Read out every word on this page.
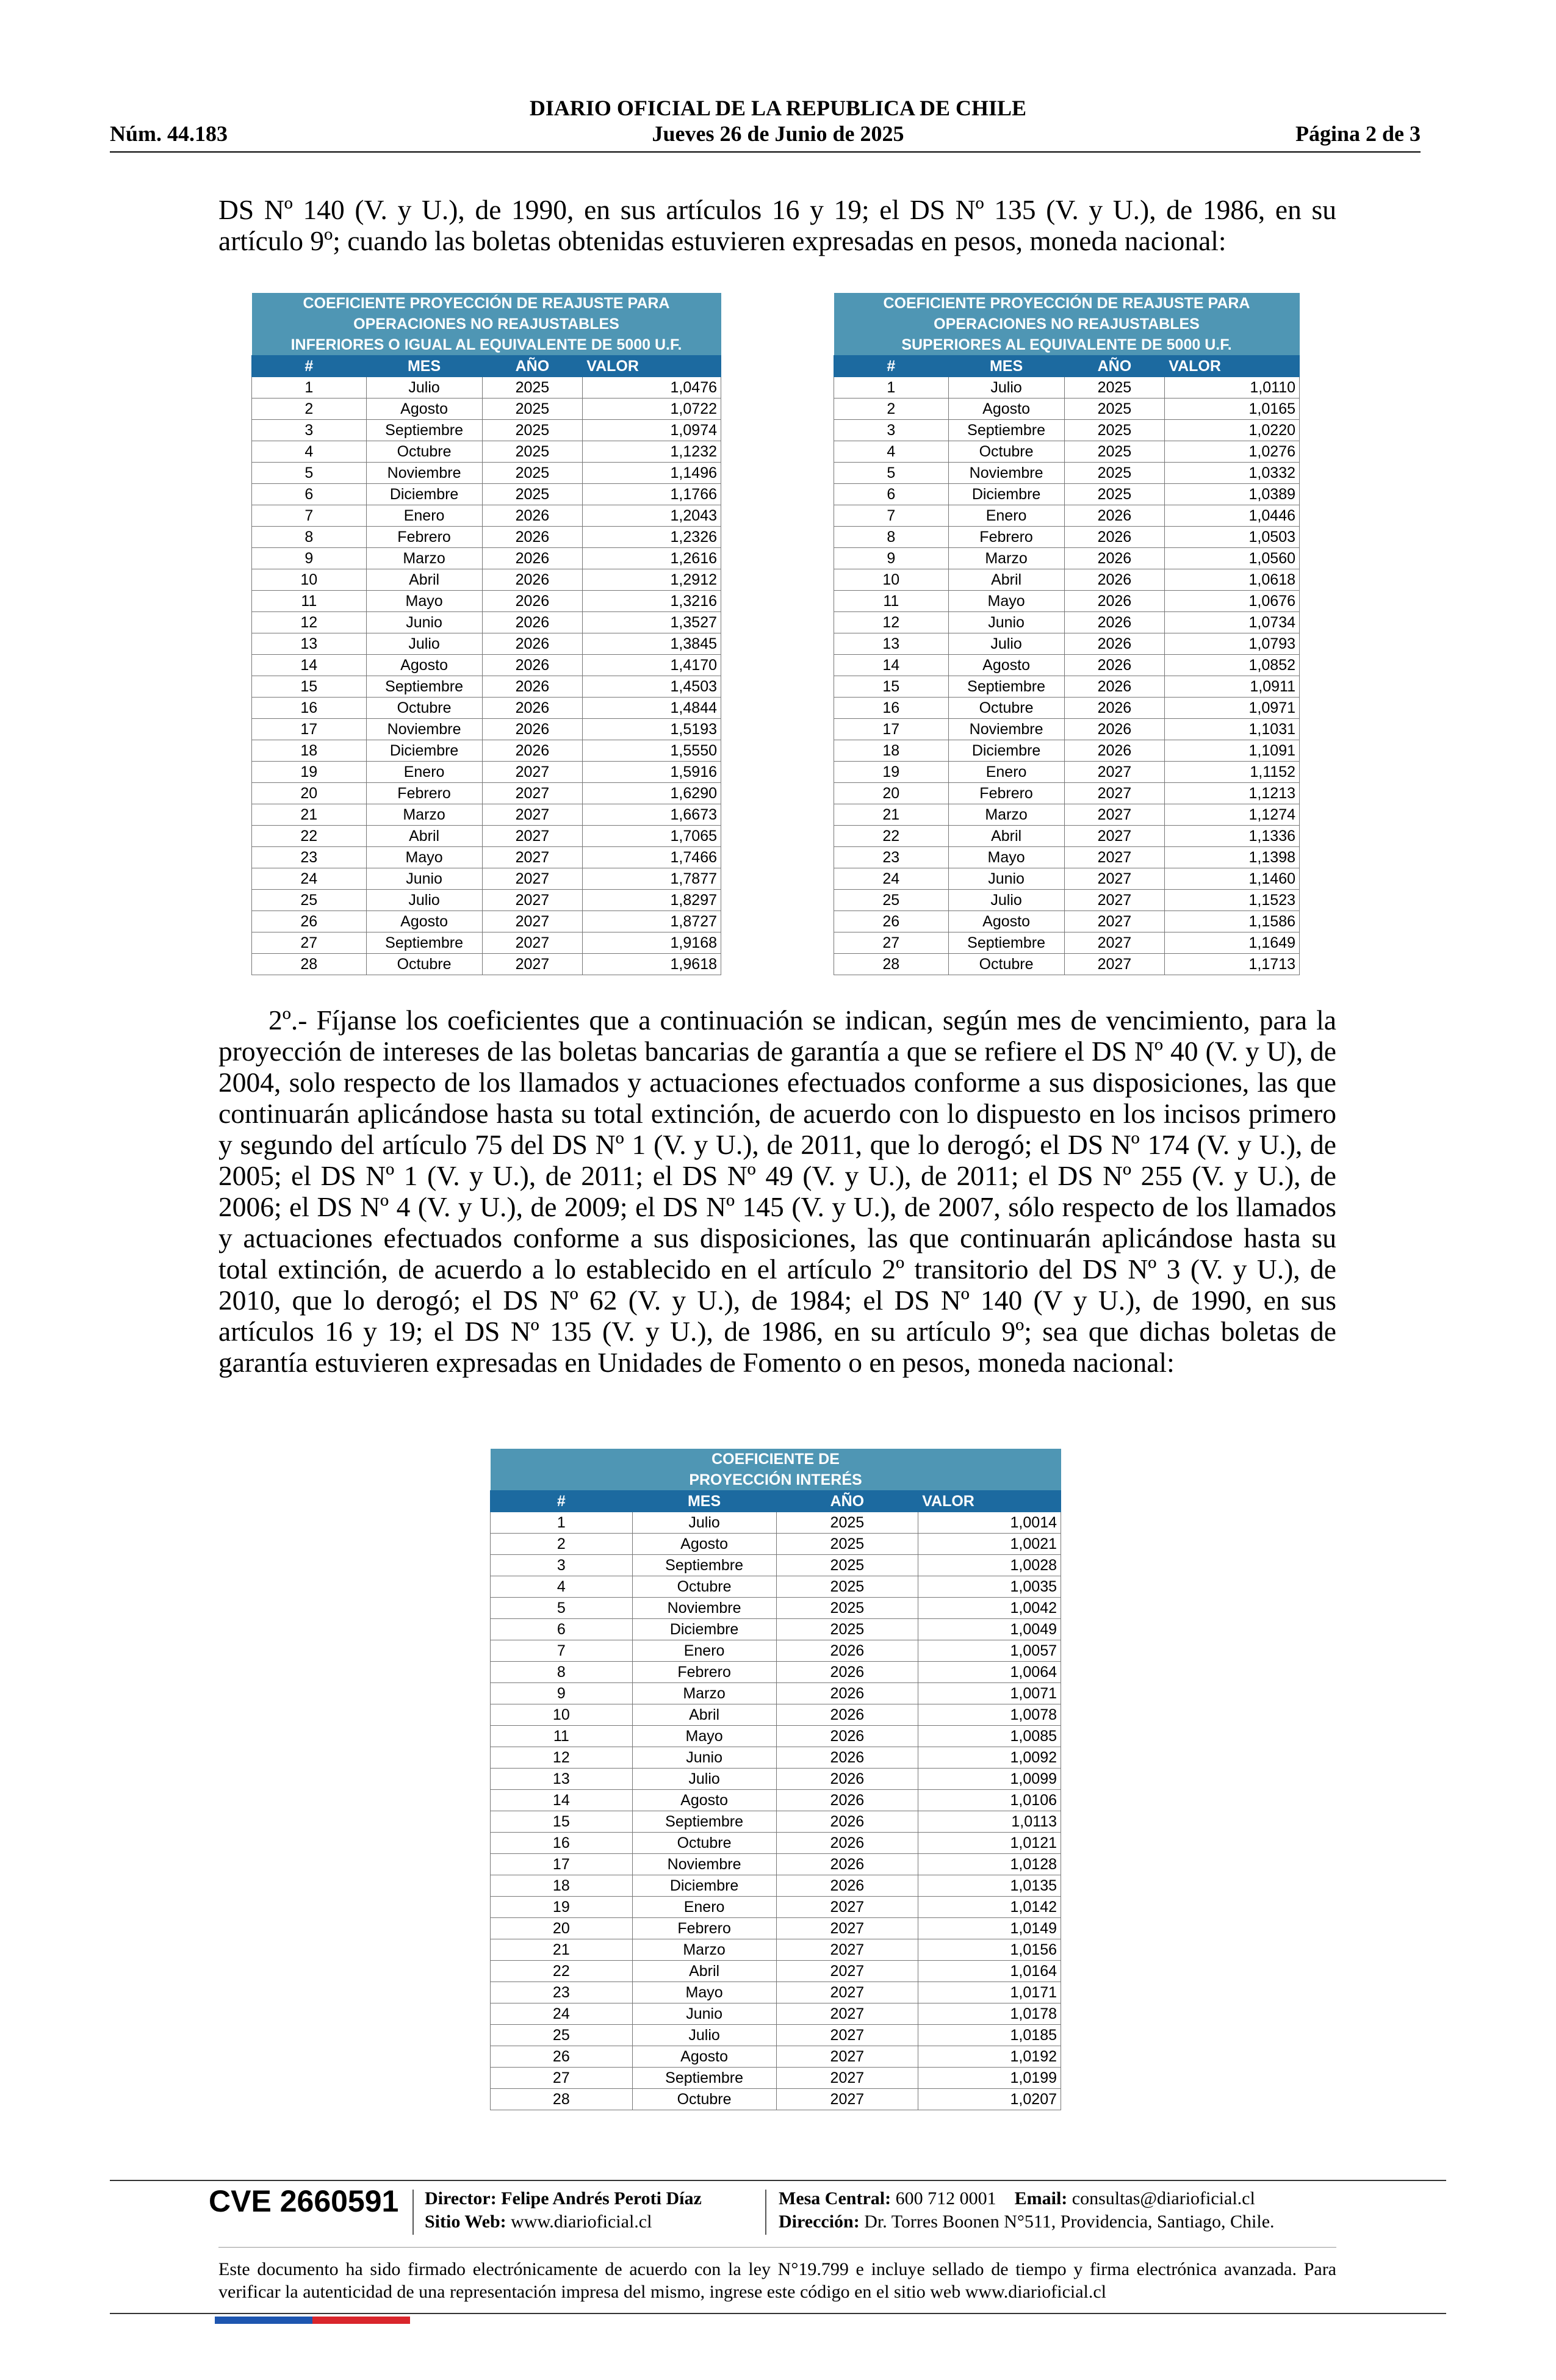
DIARIO OFICIAL DE LA REPUBLICA DE CHILE
Jueves 26 de Junio de 2025
Núm. 44.183	Página 2 de 3

DS Nº 140 (V. y U.), de 1990, en sus artículos 16 y 19; el DS Nº 135 (V. y U.), de 1986, en su artículo 9º; cuando las boletas obtenidas estuvieren expresadas en pesos, moneda nacional:

COEFICIENTE PROYECCIÓN DE REAJUSTE PARA			
OPERACIONES NO REAJUSTABLES			
INFERIORES O IGUAL AL EQUIVALENTE DE 5000 U.F.			
#	MES	AÑO	VALOR
1	Julio	2025	1,0476
2	Agosto	2025	1,0722
3	Septiembre	2025	1,0974
4	Octubre	2025	1,1232
5	Noviembre	2025	1,1496
6	Diciembre	2025	1,1766
7	Enero	2026	1,2043
8	Febrero	2026	1,2326
9	Marzo	2026	1,2616
10	Abril	2026	1,2912
11	Mayo	2026	1,3216
12	Junio	2026	1,3527
13	Julio	2026	1,3845
14	Agosto	2026	1,4170
15	Septiembre	2026	1,4503
16	Octubre	2026	1,4844
17	Noviembre	2026	1,5193
18	Diciembre	2026	1,5550
19	Enero	2027	1,5916
20	Febrero	2027	1,6290
21	Marzo	2027	1,6673
22	Abril	2027	1,7065
23	Mayo	2027	1,7466
24	Junio	2027	1,7877
25	Julio	2027	1,8297
26	Agosto	2027	1,8727
27	Septiembre	2027	1,9168
28	Octubre	2027	1,9618
COEFICIENTE PROYECCIÓN DE REAJUSTE PARA			
OPERACIONES NO REAJUSTABLES			
SUPERIORES AL EQUIVALENTE DE 5000 U.F.			
#	MES	AÑO	VALOR
1	Julio	2025	1,0110
2	Agosto	2025	1,0165
3	Septiembre	2025	1,0220
4	Octubre	2025	1,0276
5	Noviembre	2025	1,0332
6	Diciembre	2025	1,0389
7	Enero	2026	1,0446
8	Febrero	2026	1,0503
9	Marzo	2026	1,0560
10	Abril	2026	1,0618
11	Mayo	2026	1,0676
12	Junio	2026	1,0734
13	Julio	2026	1,0793
14	Agosto	2026	1,0852
15	Septiembre	2026	1,0911
16	Octubre	2026	1,0971
17	Noviembre	2026	1,1031
18	Diciembre	2026	1,1091
19	Enero	2027	1,1152
20	Febrero	2027	1,1213
21	Marzo	2027	1,1274
22	Abril	2027	1,1336
23	Mayo	2027	1,1398
24	Junio	2027	1,1460
25	Julio	2027	1,1523
26	Agosto	2027	1,1586
27	Septiembre	2027	1,1649
28	Octubre	2027	1,1713

2º.- Fíjanse los coeficientes que a continuación se indican, según mes de vencimiento, para la proyección de intereses de las boletas bancarias de garantía a que se refiere el DS Nº 40 (V. y U), de 2004, solo respecto de los llamados y actuaciones efectuados conforme a sus disposiciones, las que continuarán aplicándose hasta su total extinción, de acuerdo con lo dispuesto en los incisos primero y segundo del artículo 75 del DS Nº 1 (V. y U.), de 2011, que lo derogó; el DS Nº 174 (V. y U.), de 2005; el DS Nº 1 (V. y U.), de 2011; el DS Nº 49 (V. y U.), de 2011; el DS Nº 255 (V. y U.), de 2006; el DS Nº 4 (V. y U.), de 2009; el DS Nº 145 (V. y U.), de 2007, sólo respecto de los llamados y actuaciones efectuados conforme a sus disposiciones, las que continuarán aplicándose hasta su total extinción, de acuerdo a lo establecido en el artículo 2º transitorio del DS Nº 3 (V. y U.), de 2010, que lo derogó; el DS Nº 62 (V. y U.), de 1984; el DS Nº 140 (V y U.), de 1990, en sus artículos 16 y 19; el DS Nº 135 (V. y U.), de 1986, en su artículo 9º; sea que dichas boletas de garantía estuvieren expresadas en Unidades de Fomento o en pesos, moneda nacional:

COEFICIENTE DE			
PROYECCIÓN INTERÉS			
#	MES	AÑO	VALOR
1	Julio	2025	1,0014
2	Agosto	2025	1,0021
3	Septiembre	2025	1,0028
4	Octubre	2025	1,0035
5	Noviembre	2025	1,0042
6	Diciembre	2025	1,0049
7	Enero	2026	1,0057
8	Febrero	2026	1,0064
9	Marzo	2026	1,0071
10	Abril	2026	1,0078
11	Mayo	2026	1,0085
12	Junio	2026	1,0092
13	Julio	2026	1,0099
14	Agosto	2026	1,0106
15	Septiembre	2026	1,0113
16	Octubre	2026	1,0121
17	Noviembre	2026	1,0128
18	Diciembre	2026	1,0135
19	Enero	2027	1,0142
20	Febrero	2027	1,0149
21	Marzo	2027	1,0156
22	Abril	2027	1,0164
23	Mayo	2027	1,0171
24	Junio	2027	1,0178
25	Julio	2027	1,0185
26	Agosto	2027	1,0192
27	Septiembre	2027	1,0199
28	Octubre	2027	1,0207
CVE 2660591 Director: Felipe Andrés Peroti Díaz
Sitio Web: www.diarioficial.cl
Mesa Central: 600 712 0001 Email: consultas@diarioficial.cl
Dirección: Dr. Torres Boonen N°511, Providencia, Santiago, Chile.
Este documento ha sido firmado electrónicamente de acuerdo con la ley N°19.799 e incluye sellado de tiempo y firma electrónica avanzada. Para verificar la autenticidad de una representación impresa del mismo, ingrese este código en el sitio web www.diarioficial.cl
